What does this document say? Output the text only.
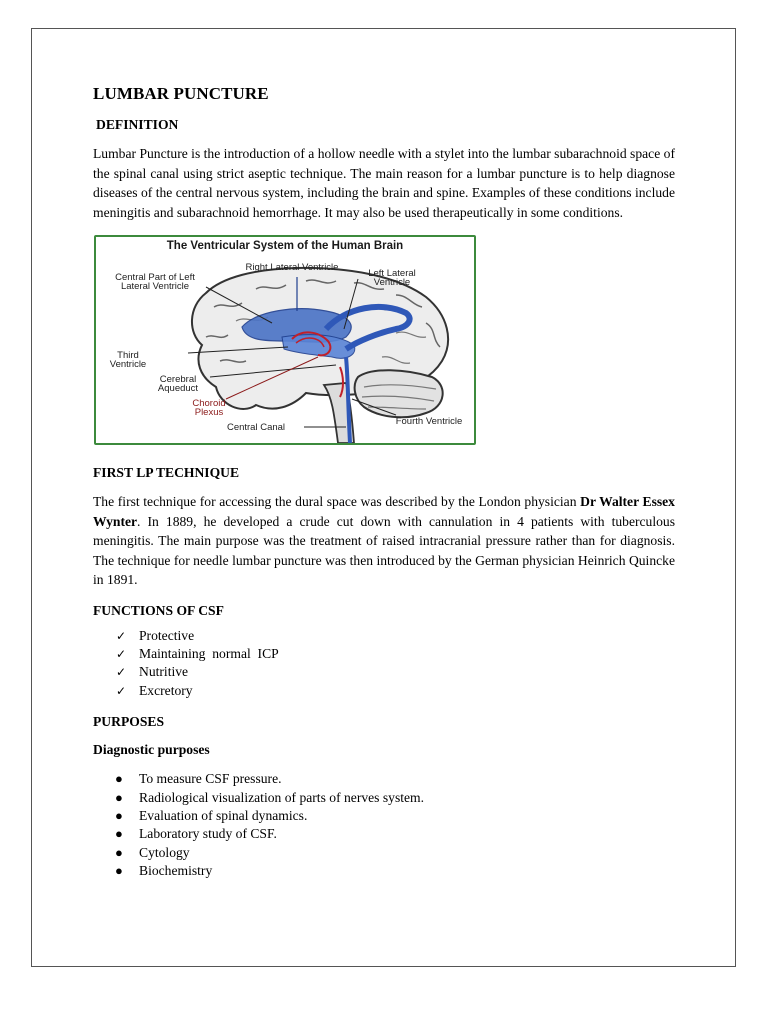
LUMBAR PUNCTURE
DEFINITION

Lumbar Puncture is the introduction of a hollow needle with a stylet into the lumbar subarachnoid space of the spinal canal using strict aseptic technique. The main reason for a lumbar puncture is to help diagnose diseases of the central nervous system, including the brain and spine. Examples of these conditions include meningitis and subarachnoid hemorrhage. It may also be used therapeutically in some conditions.

The Ventricular System of the Human Brain
Right Lateral Ventricle
Left Lateral Ventricle
Central Part of Left Lateral Ventricle
Third Ventricle
Cerebral Aqueduct
Choroid Plexus
Central Canal
Fourth Ventricle
FIRST LP TECHNIQUE

The first technique for accessing the dural space was described by the London physician Dr Walter Essex Wynter. In 1889, he developed a crude cut down with cannulation in 4 patients with tuberculous meningitis. The main purpose was the treatment of raised intracranial pressure rather than for diagnosis. The technique for needle lumbar puncture was then introduced by the German physician Heinrich Quincke in 1891.

FUNCTIONS OF CSF
✓ Protective
✓ Maintaining  normal  ICP
✓ Nutritive
✓ Excretory
PURPOSES
Diagnostic purposes
● To measure CSF pressure.
● Radiological visualization of parts of nerves system.
● Evaluation of spinal dynamics.
● Laboratory study of CSF.
● Cytology
● Biochemistry
